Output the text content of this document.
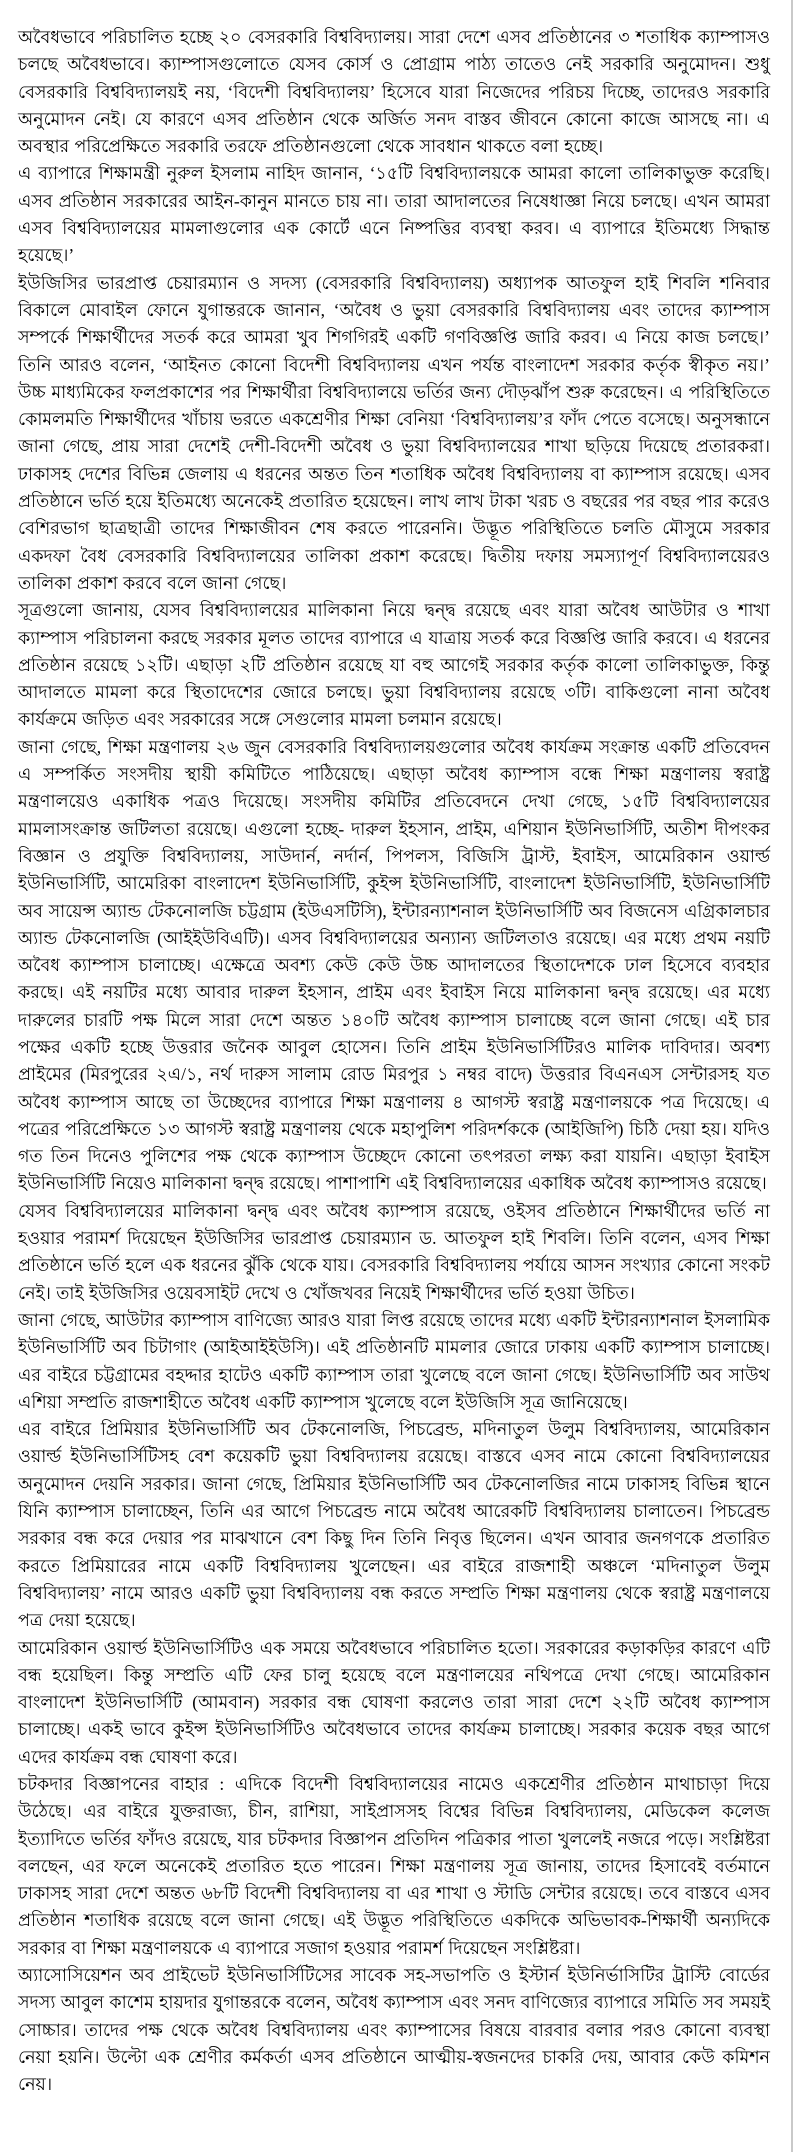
অবৈধভাবে পরিচালিত হচ্ছে ২০ বেসরকারি বিশ্ববিদ্যালয়। সারা দেশে এসব প্রতিষ্ঠানের ৩ শতাধিক ক্যাম্পাসও চলছে অবৈধভাবে। ক্যাম্পাসগুলোতে যেসব কোর্স ও প্রোগ্রাম পাঠ্য তাতেও নেই সরকারি অনুমোদন। শুধু বেসরকারি বিশ্ববিদ্যালয়ই নয়, ‘বিদেশী বিশ্ববিদ্যালয়’ হিসেবে যারা নিজেদের পরিচয় দিচ্ছে, তাদেরও সরকারি অনুমোদন নেই। যে কারণে এসব প্রতিষ্ঠান থেকে অর্জিত সনদ বাস্তব জীবনে কোনো কাজে আসছে না। এ অবস্থার পরিপ্রেক্ষিতে সরকারি তরফে প্রতিষ্ঠানগুলো থেকে সাবধান থাকতে বলা হচ্ছে।

এ ব্যাপারে শিক্ষামন্ত্রী নুরুল ইসলাম নাহিদ জানান, ‘১৫টি বিশ্ববিদ্যালয়কে আমরা কালো তালিকাভুক্ত করেছি। এসব প্রতিষ্ঠান সরকারের আইন-কানুন মানতে চায় না। তারা আদালতের নিষেধাজ্ঞা নিয়ে চলছে। এখন আমরা এসব বিশ্ববিদ্যালয়ের মামলাগুলোর এক কোর্টে এনে নিষ্পত্তির ব্যবস্থা করব। এ ব্যাপারে ইতিমধ্যে সিদ্ধান্ত হয়েছে।’

ইউজিসির ভারপ্রাপ্ত চেয়ারম্যান ও সদস্য (বেসরকারি বিশ্ববিদ্যালয়) অধ্যাপক আতফুল হাই শিবলি শনিবার বিকালে মোবাইল ফোনে যুগান্তরকে জানান, ‘অবৈধ ও ভুয়া বেসরকারি বিশ্ববিদ্যালয় এবং তাদের ক্যাম্পাস সম্পর্কে শিক্ষার্থীদের সতর্ক করে আমরা খুব শিগগিরই একটি গণবিজ্ঞপ্তি জারি করব। এ নিয়ে কাজ চলছে।’ তিনি আরও বলেন, ‘আইনত কোনো বিদেশী বিশ্ববিদ্যালয় এখন পর্যন্ত বাংলাদেশ সরকার কর্তৃক স্বীকৃত নয়।’ উচ্চ মাধ্যমিকের ফলপ্রকাশের পর শিক্ষার্থীরা বিশ্ববিদ্যালয়ে ভর্তির জন্য দৌড়ঝাঁপ শুরু করেছেন। এ পরিস্থিতিতে কোমলমতি শিক্ষার্থীদের খাঁচায় ভরতে একশ্রেণীর শিক্ষা বেনিয়া ‘বিশ্ববিদ্যালয়’র ফাঁদ পেতে বসেছে। অনুসন্ধানে জানা গেছে, প্রায় সারা দেশেই দেশী-বিদেশী অবৈধ ও ভুয়া বিশ্ববিদ্যালয়ের শাখা ছড়িয়ে দিয়েছে প্রতারকরা। ঢাকাসহ দেশের বিভিন্ন জেলায় এ ধরনের অন্তত তিন শতাধিক অবৈধ বিশ্ববিদ্যালয় বা ক্যাম্পাস রয়েছে। এসব প্রতিষ্ঠানে ভর্তি হয়ে ইতিমধ্যে অনেকেই প্রতারিত হয়েছেন। লাখ লাখ টাকা খরচ ও বছরের পর বছর পার করেও বেশিরভাগ ছাত্রছাত্রী তাদের শিক্ষাজীবন শেষ করতে পারেননি। উদ্ভূত পরিস্থিতিতে চলতি মৌসুমে সরকার একদফা বৈধ বেসরকারি বিশ্ববিদ্যালয়ের তালিকা প্রকাশ করেছে। দ্বিতীয় দফায় সমস্যাপূর্ণ বিশ্ববিদ্যালয়েরও তালিকা প্রকাশ করবে বলে জানা গেছে।

সূত্রগুলো জানায়, যেসব বিশ্ববিদ্যালয়ের মালিকানা নিয়ে দ্বন্দ্ব রয়েছে এবং যারা অবৈধ আউটার ও শাখা ক্যাম্পাস পরিচালনা করছে সরকার মূলত তাদের ব্যাপারে এ যাত্রায় সতর্ক করে বিজ্ঞপ্তি জারি করবে। এ ধরনের প্রতিষ্ঠান রয়েছে ১২টি। এছাড়া ২টি প্রতিষ্ঠান রয়েছে যা বহু আগেই সরকার কর্তৃক কালো তালিকাভুক্ত, কিন্তু আদালতে মামলা করে স্থিতাদেশের জোরে চলছে। ভুয়া বিশ্ববিদ্যালয় রয়েছে ৩টি। বাকিগুলো নানা অবৈধ কার্যক্রমে জড়িত এবং সরকারের সঙ্গে সেগুলোর মামলা চলমান রয়েছে।

জানা গেছে, শিক্ষা মন্ত্রণালয় ২৬ জুন বেসরকারি বিশ্ববিদ্যালয়গুলোর অবৈধ কার্যক্রম সংক্রান্ত একটি প্রতিবেদন এ সম্পর্কিত সংসদীয় স্থায়ী কমিটিতে পাঠিয়েছে। এছাড়া অবৈধ ক্যাম্পাস বন্ধে শিক্ষা মন্ত্রণালয় স্বরাষ্ট্র মন্ত্রণালয়েও একাধিক পত্রও দিয়েছে। সংসদীয় কমিটির প্রতিবেদনে দেখা গেছে, ১৫টি বিশ্ববিদ্যালয়ের মামলাসংক্রান্ত জটিলতা রয়েছে। এগুলো হচ্ছে- দারুল ইহসান, প্রাইম, এশিয়ান ইউনিভার্সিটি, অতীশ দীপংকর বিজ্ঞান ও প্রযুক্তি বিশ্ববিদ্যালয়, সাউদার্ন, নর্দার্ন, পিপলস, বিজিসি ট্রাস্ট, ইবাইস, আমেরিকান ওয়ার্ল্ড ইউনিভার্সিটি, আমেরিকা বাংলাদেশ ইউনিভার্সিটি, কুইন্স ইউনিভার্সিটি, বাংলাদেশ ইউনিভার্সিটি, ইউনিভার্সিটি অব সায়েন্স অ্যান্ড টেকনোলজি চট্টগ্রাম (ইউএসটিসি), ইন্টারন্যাশনাল ইউনিভার্সিটি অব বিজনেস এগ্রিকালচার অ্যান্ড টেকনোলজি (আইইউবিএটি)। এসব বিশ্ববিদ্যালয়ের অন্যান্য জটিলতাও রয়েছে। এর মধ্যে প্রথম নয়টি অবৈধ ক্যাম্পাস চালাচ্ছে। এক্ষেত্রে অবশ্য কেউ কেউ উচ্চ আদালতের স্থিতাদেশকে ঢাল হিসেবে ব্যবহার করছে। এই নয়টির মধ্যে আবার দারুল ইহসান, প্রাইম এবং ইবাইস নিয়ে মালিকানা দ্বন্দ্ব রয়েছে। এর মধ্যে দারুলের চারটি পক্ষ মিলে সারা দেশে অন্তত ১৪০টি অবৈধ ক্যাম্পাস চালাচ্ছে বলে জানা গেছে। এই চার পক্ষের একটি হচ্ছে উত্তরার জনৈক আবুল হোসেন। তিনি প্রাইম ইউনিভার্সিটিরও মালিক দাবিদার। অবশ্য প্রাইমের (মিরপুরের ২এ/১, নর্থ দারুস সালাম রোড মিরপুর ১ নম্বর বাদে) উত্তরার বিএনএস সেন্টারসহ যত অবৈধ ক্যাম্পাস আছে তা উচ্ছেদের ব্যাপারে শিক্ষা মন্ত্রণালয় ৪ আগস্ট স্বরাষ্ট্র মন্ত্রণালয়কে পত্র দিয়েছে। এ পত্রের পরিপ্রেক্ষিতে ১৩ আগস্ট স্বরাষ্ট্র মন্ত্রণালয় থেকে মহাপুলিশ পরিদর্শককে (আইজিপি) চিঠি দেয়া হয়। যদিও গত তিন দিনেও পুলিশের পক্ষ থেকে ক্যাম্পাস উচ্ছেদে কোনো তৎপরতা লক্ষ্য করা যায়নি। এছাড়া ইবাইস ইউনিভার্সিটি নিয়েও মালিকানা দ্বন্দ্ব রয়েছে। পাশাপাশি এই বিশ্ববিদ্যালয়ের একাধিক অবৈধ ক্যাম্পাসও রয়েছে।

যেসব বিশ্ববিদ্যালয়ের মালিকানা দ্বন্দ্ব এবং অবৈধ ক্যাম্পাস রয়েছে, ওইসব প্রতিষ্ঠানে শিক্ষার্থীদের ভর্তি না হওয়ার পরামর্শ দিয়েছেন ইউজিসির ভারপ্রাপ্ত চেয়ারম্যান ড. আতফুল হাই শিবলি। তিনি বলেন, এসব শিক্ষা প্রতিষ্ঠানে ভর্তি হলে এক ধরনের ঝুঁকি থেকে যায়। বেসরকারি বিশ্ববিদ্যালয় পর্যায়ে আসন সংখ্যার কোনো সংকট নেই। তাই ইউজিসির ওয়েবসাইট দেখে ও খোঁজখবর নিয়েই শিক্ষার্থীদের ভর্তি হওয়া উচিত।

জানা গেছে, আউটার ক্যাম্পাস বাণিজ্যে আরও যারা লিপ্ত রয়েছে তাদের মধ্যে একটি ইন্টারন্যাশনাল ইসলামিক ইউনিভার্সিটি অব চিটাগাং (আইআইইউসি)। এই প্রতিষ্ঠানটি মামলার জোরে ঢাকায় একটি ক্যাম্পাস চালাচ্ছে। এর বাইরে চট্টগ্রামের বহদ্দার হাটেও একটি ক্যাম্পাস তারা খুলেছে বলে জানা গেছে। ইউনিভার্সিটি অব সাউথ এশিয়া সম্প্রতি রাজশাহীতে অবৈধ একটি ক্যাম্পাস খুলেছে বলে ইউজিসি সূত্র জানিয়েছে।

এর বাইরে প্রিমিয়ার ইউনিভার্সিটি অব টেকনোলজি, পিচব্রেন্ড, মদিনাতুল উলুম বিশ্ববিদ্যালয়, আমেরিকান ওয়ার্ল্ড ইউনিভার্সিটিসহ বেশ কয়েকটি ভুয়া বিশ্ববিদ্যালয় রয়েছে। বাস্তবে এসব নামে কোনো বিশ্ববিদ্যালয়ের অনুমোদন দেয়নি সরকার। জানা গেছে, প্রিমিয়ার ইউনিভার্সিটি অব টেকনোলজির নামে ঢাকাসহ বিভিন্ন স্থানে যিনি ক্যাম্পাস চালাচ্ছেন, তিনি এর আগে পিচব্রেন্ড নামে অবৈধ আরেকটি বিশ্ববিদ্যালয় চালাতেন। পিচব্রেন্ড সরকার বন্ধ করে দেয়ার পর মাঝখানে বেশ কিছু দিন তিনি নিবৃত্ত ছিলেন। এখন আবার জনগণকে প্রতারিত করতে প্রিমিয়ারের নামে একটি বিশ্ববিদ্যালয় খুলেছেন। এর বাইরে রাজশাহী অঞ্চলে ‘মদিনাতুল উলুম বিশ্ববিদ্যালয়’ নামে আরও একটি ভুয়া বিশ্ববিদ্যালয় বন্ধ করতে সম্প্রতি শিক্ষা মন্ত্রণালয় থেকে স্বরাষ্ট্র মন্ত্রণালয়ে পত্র দেয়া হয়েছে।

আমেরিকান ওয়ার্ল্ড ইউনিভার্সিটিও এক সময়ে অবৈধভাবে পরিচালিত হতো। সরকারের কড়াকড়ির কারণে এটি বন্ধ হয়েছিল। কিন্তু সম্প্রতি এটি ফের চালু হয়েছে বলে মন্ত্রণালয়ের নথিপত্রে দেখা গেছে। আমেরিকান বাংলাদেশ ইউনিভার্সিটি (আমবান) সরকার বন্ধ ঘোষণা করলেও তারা সারা দেশে ২২টি অবৈধ ক্যাম্পাস চালাচ্ছে। একই ভাবে কুইন্স ইউনিভার্সিটিও অবৈধভাবে তাদের কার্যক্রম চালাচ্ছে। সরকার কয়েক বছর আগে এদের কার্যক্রম বন্ধ ঘোষণা করে।

চটকদার বিজ্ঞাপনের বাহার : এদিকে বিদেশী বিশ্ববিদ্যালয়ের নামেও একশ্রেণীর প্রতিষ্ঠান মাথাচাড়া দিয়ে উঠেছে। এর বাইরে যুক্তরাজ্য, চীন, রাশিয়া, সাইপ্রাসসহ বিশ্বের বিভিন্ন বিশ্ববিদ্যালয়, মেডিকেল কলেজ ইত্যাদিতে ভর্তির ফাঁদও রয়েছে, যার চটকদার বিজ্ঞাপন প্রতিদিন পত্রিকার পাতা খুললেই নজরে পড়ে। সংশ্লিষ্টরা বলছেন, এর ফলে অনেকেই প্রতারিত হতে পারেন। শিক্ষা মন্ত্রণালয় সূত্র জানায়, তাদের হিসাবেই বর্তমানে ঢাকাসহ সারা দেশে অন্তত ৬৮টি বিদেশী বিশ্ববিদ্যালয় বা এর শাখা ও স্টাডি সেন্টার রয়েছে। তবে বাস্তবে এসব প্রতিষ্ঠান শতাধিক রয়েছে বলে জানা গেছে। এই উদ্ভূত পরিস্থিতিতে একদিকে অভিভাবক-শিক্ষার্থী অন্যদিকে সরকার বা শিক্ষা মন্ত্রণালয়কে এ ব্যাপারে সজাগ হওয়ার পরামর্শ দিয়েছেন সংশ্লিষ্টরা।

অ্যাসোসিয়েশন অব প্রাইভেট ইউনিভার্সিটিসের সাবেক সহ-সভাপতি ও ইস্টার্ন ইউনির্ভাসিটির ট্রাস্টি বোর্ডের সদস্য আবুল কাশেম হায়দার যুগান্তরকে বলেন, অবৈধ ক্যাম্পাস এবং সনদ বাণিজ্যের ব্যাপারে সমিতি সব সময়ই সোচ্চার। তাদের পক্ষ থেকে অবৈধ বিশ্ববিদ্যালয় এবং ক্যাম্পাসের বিষয়ে বারবার বলার পরও কোনো ব্যবস্থা নেয়া হয়নি। উল্টো এক শ্রেণীর কর্মকর্তা এসব প্রতিষ্ঠানে আত্মীয়-স্বজনদের চাকরি দেয়, আবার কেউ কমিশন নেয়।
